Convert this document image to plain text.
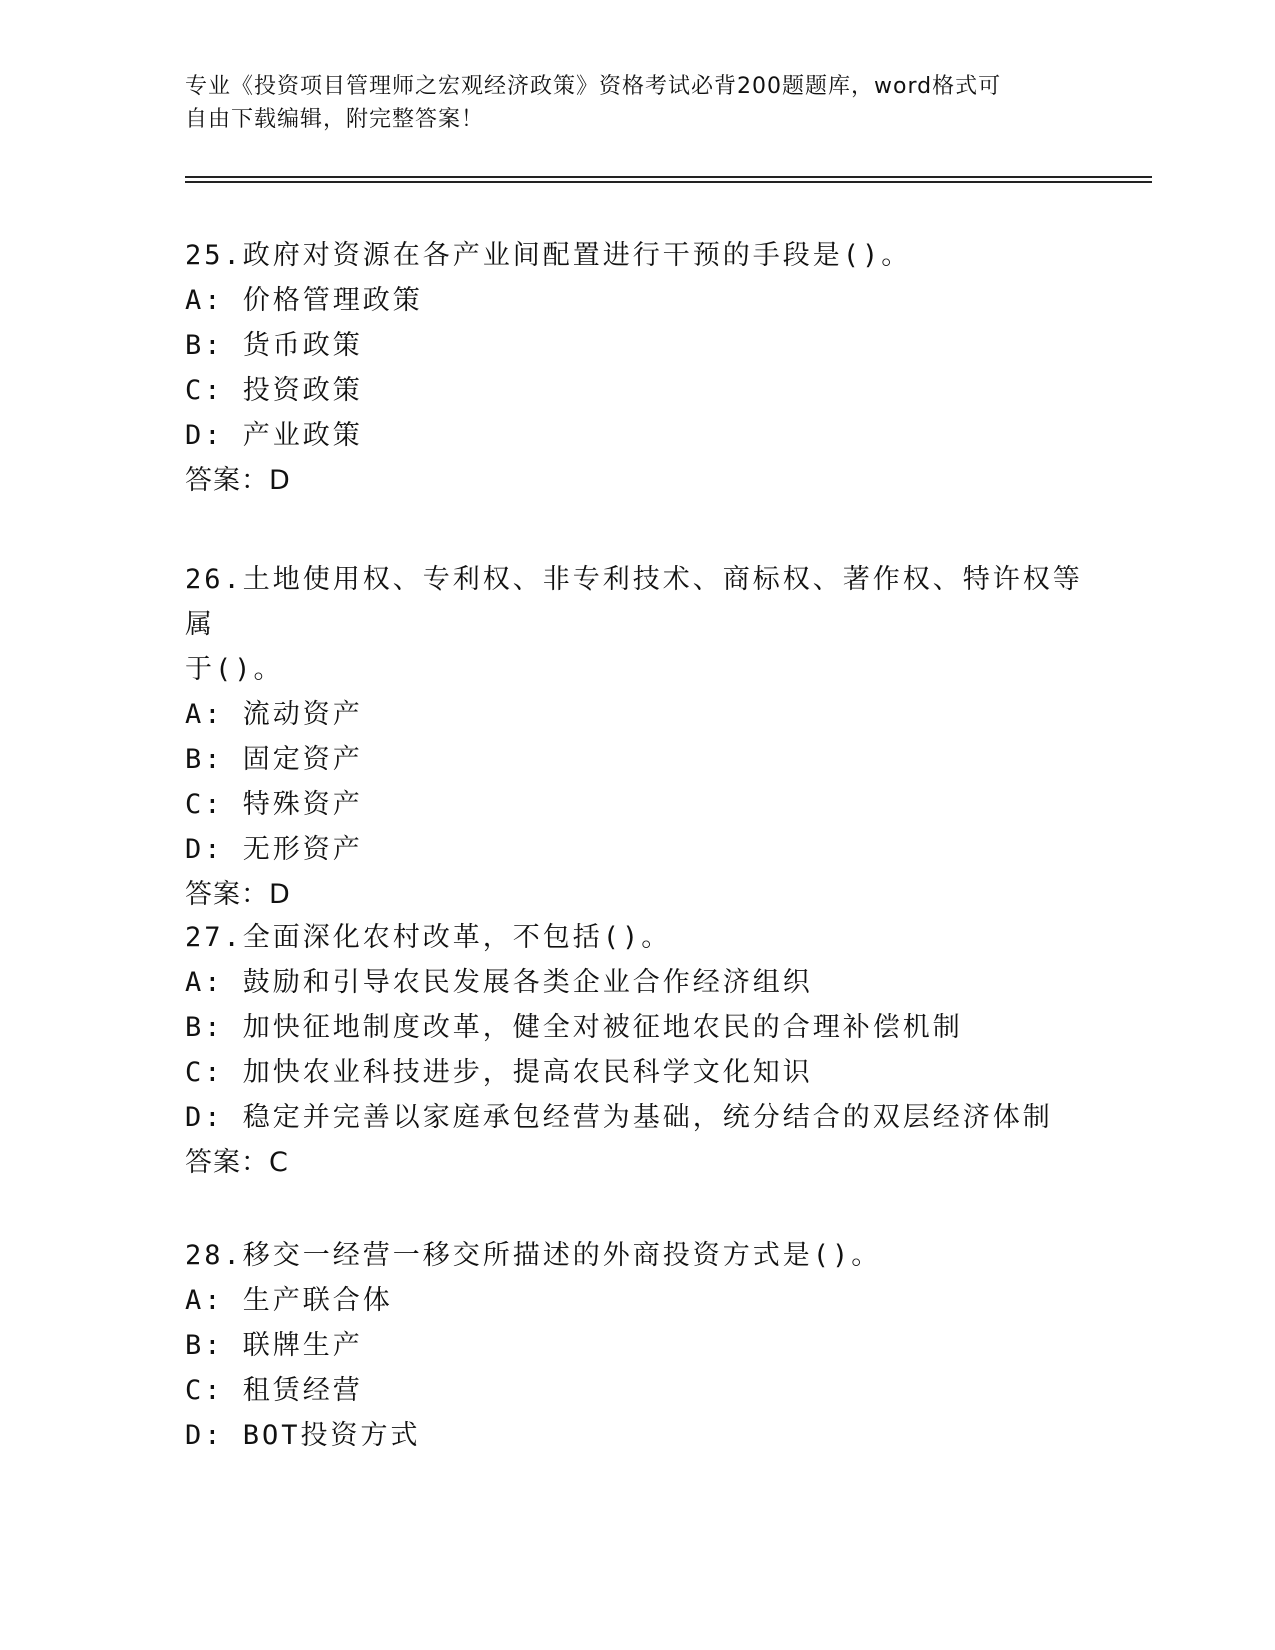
专业《投资项目管理师之宏观经济政策》资格考试必背200题题库，word格式可
自由下载编辑，附完整答案！
25.政府对资源在各产业间配置进行干预的手段是()。
A: 价格管理政策
B: 货币政策
C: 投资政策
D: 产业政策
答案：D
26.土地使用权、专利权、非专利技术、商标权、著作权、特许权等属
于()。
A: 流动资产
B: 固定资产
C: 特殊资产
D: 无形资产
答案：D
27.全面深化农村改革，不包括()。
A: 鼓励和引导农民发展各类企业合作经济组织
B: 加快征地制度改革，健全对被征地农民的合理补偿机制
C: 加快农业科技进步，提高农民科学文化知识
D: 稳定并完善以家庭承包经营为基础，统分结合的双层经济体制
答案：C
28.移交一经营一移交所描述的外商投资方式是()。
A: 生产联合体
B: 联牌生产
C: 租赁经营
D: BOT投资方式
